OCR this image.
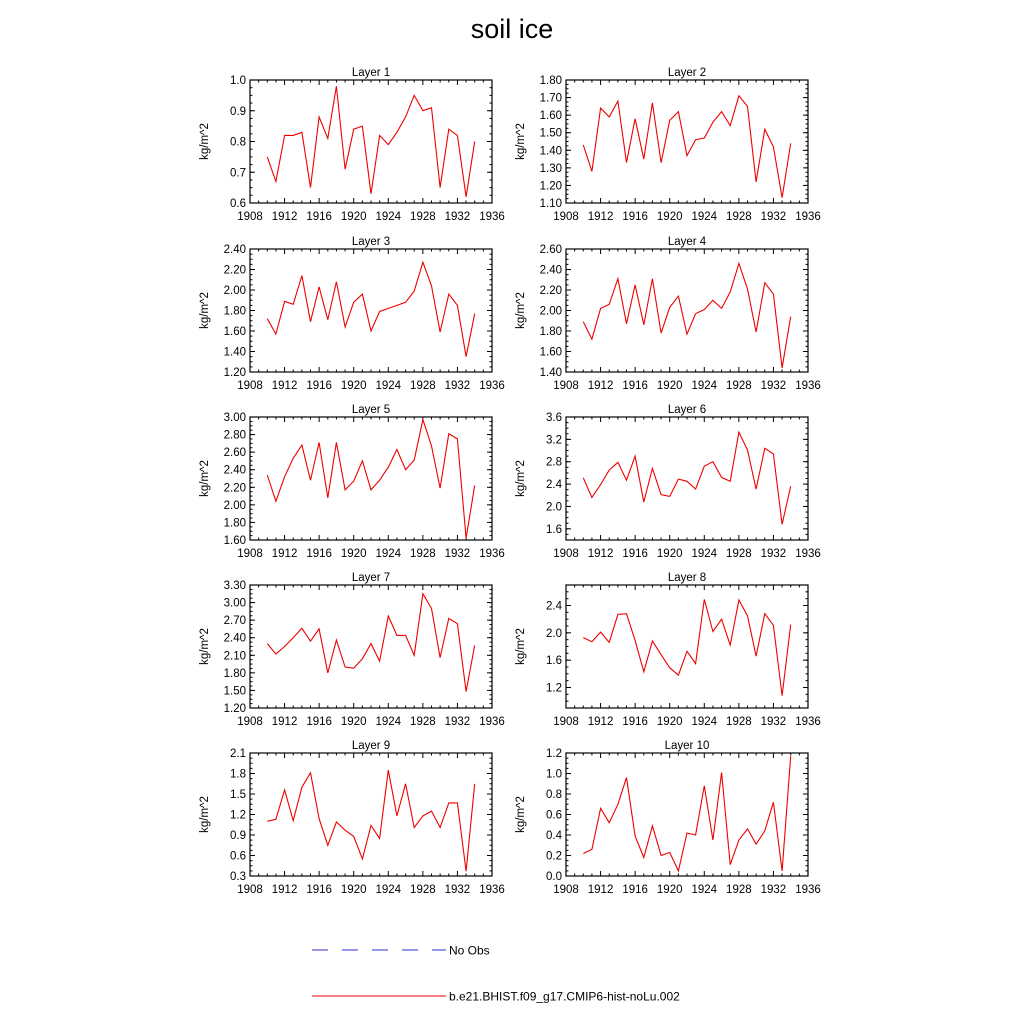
soil ice
Layer 1
1908 1912 1916 1920 1924 1928 1932 1936
0.6
0.7
0.8
0.9
1.0
kg/m^2
Layer 2
1908 1912 1916 1920 1924 1928 1932 1936
1.10
1.20
1.30
1.40
1.50
1.60
1.70
1.80
kg/m^2
Layer 3
1908 1912 1916 1920 1924 1928 1932 1936
1.20
1.40
1.60
1.80
2.00
2.20
2.40
kg/m^2
Layer 4
1908 1912 1916 1920 1924 1928 1932 1936
1.40
1.60
1.80
2.00
2.20
2.40
2.60
kg/m^2
Layer 5
1908 1912 1916 1920 1924 1928 1932 1936
1.60
1.80
2.00
2.20
2.40
2.60
2.80
3.00
kg/m^2
Layer 6
1908 1912 1916 1920 1924 1928 1932 1936
1.6
2.0
2.4
2.8
3.2
3.6
kg/m^2
Layer 7
1908 1912 1916 1920 1924 1928 1932 1936
1.20
1.50
1.80
2.10
2.40
2.70
3.00
3.30
kg/m^2
Layer 8
1908 1912 1916 1920 1924 1928 1932 1936
1.2
1.6
2.0
2.4
kg/m^2
Layer 9
1908 1912 1916 1920 1924 1928 1932 1936
0.3
0.6
0.9
1.2
1.5
1.8
2.1
kg/m^2
Layer 10
1908 1912 1916 1920 1924 1928 1932 1936
0.0
0.2
0.4
0.6
0.8
1.0
1.2
kg/m^2
No Obs
b.e21.BHIST.f09_g17.CMIP6-hist-noLu.002
